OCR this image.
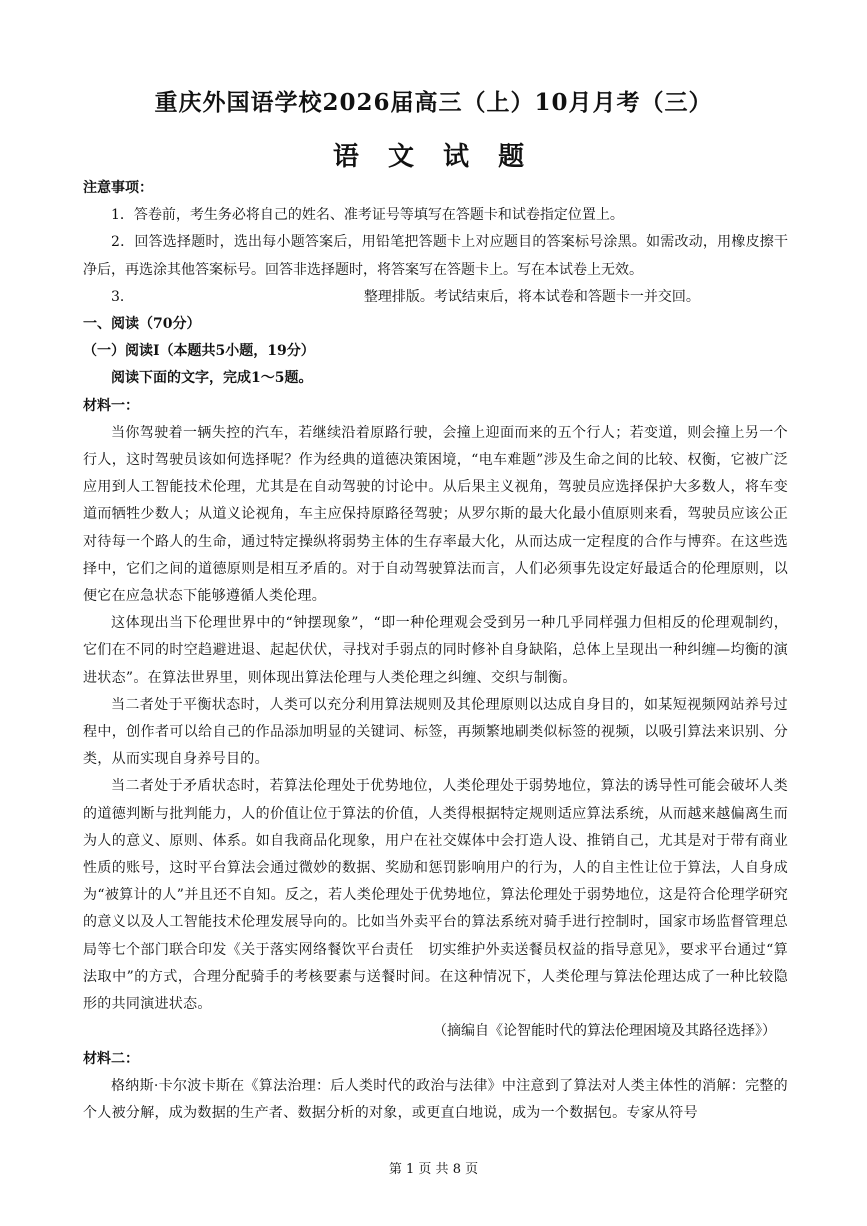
重庆外国语学校2026届高三（上）10月月考（三）
语 文 试 题

注意事项：

1．答卷前，考生务必将自己的姓名、准考证号等填写在答题卡和试卷指定位置上。

2．回答选择题时，选出每小题答案后，用铅笔把答题卡上对应题目的答案标号涂黑。如需改动，用橡皮擦干净后，再选涂其他答案标号。回答非选择题时，将答案写在答题卡上。写在本试卷上无效。

3．	整理排版。考试结束后，将本试卷和答题卡一并交回。

一、阅读（70分）

（一）阅读Ⅰ（本题共5小题，19分）

阅读下面的文字，完成1～5题。

材料一：

当你驾驶着一辆失控的汽车，若继续沿着原路行驶，会撞上迎面而来的五个行人；若变道，则会撞上另一个行人，这时驾驶员该如何选择呢？作为经典的道德决策困境，“电车难题”涉及生命之间的比较、权衡，它被广泛应用到人工智能技术伦理，尤其是在自动驾驶的讨论中。从后果主义视角，驾驶员应选择保护大多数人，将车变道而牺牲少数人；从道义论视角，车主应保持原路径驾驶；从罗尔斯的最大化最小值原则来看，驾驶员应该公正对待每一个路人的生命，通过特定操纵将弱势主体的生存率最大化，从而达成一定程度的合作与博弈。在这些选择中，它们之间的道德原则是相互矛盾的。对于自动驾驶算法而言，人们必须事先设定好最适合的伦理原则，以便它在应急状态下能够遵循人类伦理。

这体现出当下伦理世界中的“钟摆现象”，“即一种伦理观会受到另一种几乎同样强力但相反的伦理观制约，它们在不同的时空趋避进退、起起伏伏，寻找对手弱点的同时修补自身缺陷，总体上呈现出一种纠缠—均衡的演进状态”。在算法世界里，则体现出算法伦理与人类伦理之纠缠、交织与制衡。

当二者处于平衡状态时，人类可以充分利用算法规则及其伦理原则以达成自身目的，如某短视频网站养号过程中，创作者可以给自己的作品添加明显的关键词、标签，再频繁地刷类似标签的视频，以吸引算法来识别、分类，从而实现自身养号目的。

当二者处于矛盾状态时，若算法伦理处于优势地位，人类伦理处于弱势地位，算法的诱导性可能会破坏人类的道德判断与批判能力，人的价值让位于算法的价值，人类得根据特定规则适应算法系统，从而越来越偏离生而为人的意义、原则、体系。如自我商品化现象，用户在社交媒体中会打造人设、推销自己，尤其是对于带有商业性质的账号，这时平台算法会通过微妙的数据、奖励和惩罚影响用户的行为，人的自主性让位于算法，人自身成为“被算计的人”并且还不自知。反之，若人类伦理处于优势地位，算法伦理处于弱势地位，这是符合伦理学研究的意义以及人工智能技术伦理发展导向的。比如当外卖平台的算法系统对骑手进行控制时，国家市场监督管理总局等七个部门联合印发《关于落实网络餐饮平台责任　切实维护外卖送餐员权益的指导意见》，要求平台通过“算法取中”的方式，合理分配骑手的考核要素与送餐时间。在这种情况下，人类伦理与算法伦理达成了一种比较隐形的共同演进状态。

（摘编自《论智能时代的算法伦理困境及其路径选择》）

材料二：

格纳斯·卡尔波卡斯在《算法治理：后人类时代的政治与法律》中注意到了算法对人类主体性的消解：完整的个人被分解，成为数据的生产者、数据分析的对象，或更直白地说，成为一个数据包。专家从符号

第 1 页 共 8 页
